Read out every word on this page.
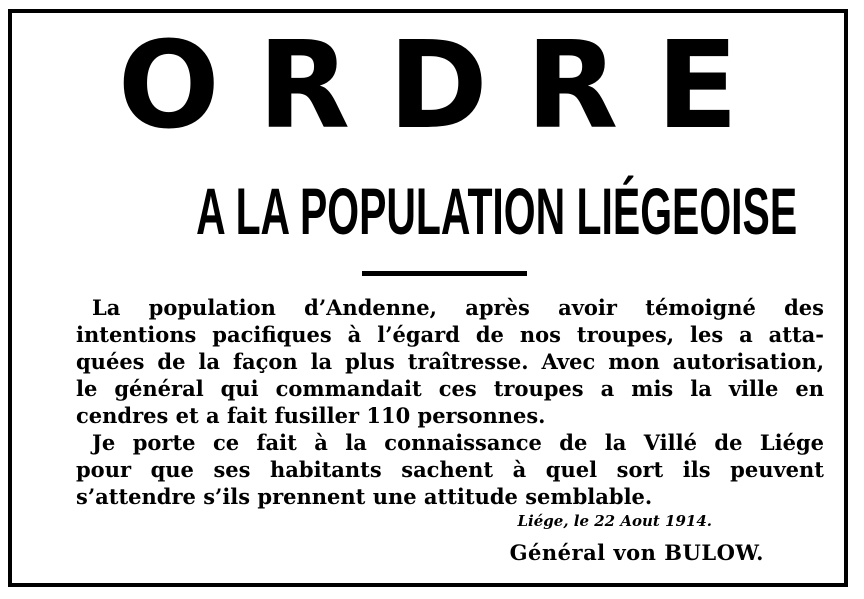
ORDRE
A LA POPULATION LIÉGEOISE

La population d’Andenne, après avoir témoigné des
intentions pacifiques à l’égard de nos troupes, les a atta-
quées de la façon la plus traîtresse. Avec mon autorisation,
le général qui commandait ces troupes a mis la ville en
cendres et a fait fusiller 110 personnes.

Je porte ce fait à la connaissance de la Villé de Liége
pour que ses habitants sachent à quel sort ils peuvent
s’attendre s’ils prennent une attitude semblable.

Liége, le 22 Aout 1914.
Général von BULOW.
